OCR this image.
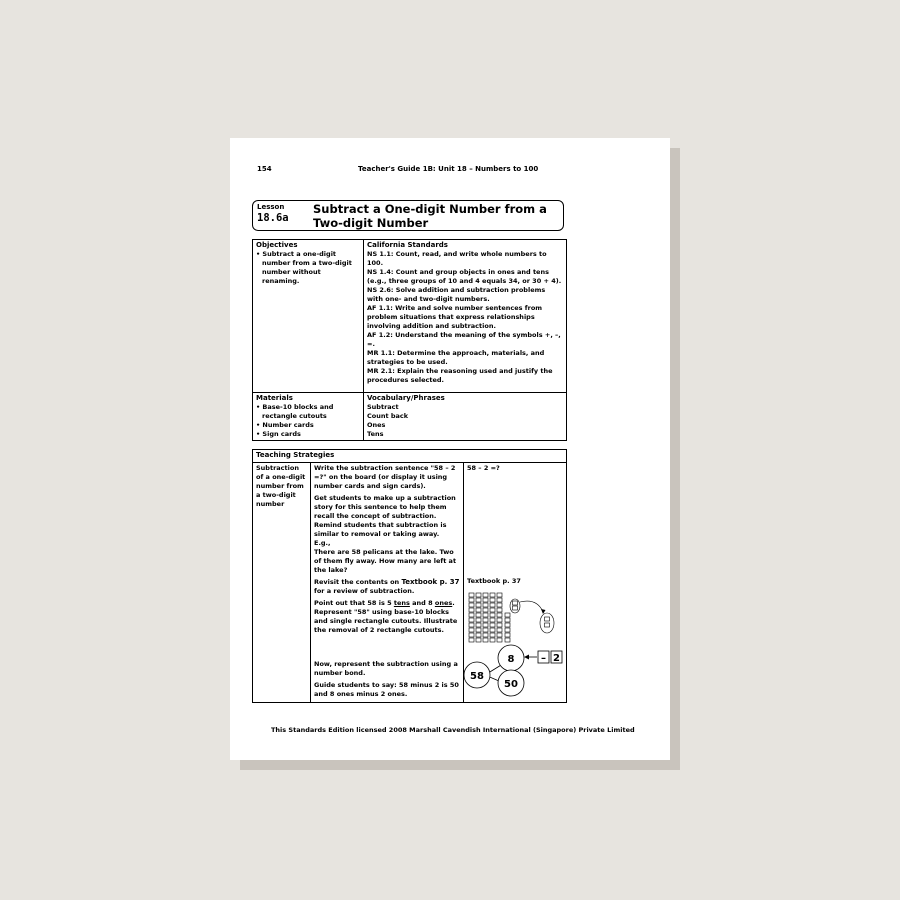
154	Teacher's Guide 1B: Unit 18 – Numbers to 100
Lesson
18.6a
Subtract a One-digit Number from a
Two-digit Number
Objectives
• Subtract a one-digit number from a two-digit number without renaming.
California Standards
NS 1.1: Count, read, and write whole numbers to 100.
NS 1.4: Count and group objects in ones and tens (e.g., three groups of 10 and 4 equals 34, or 30 + 4).
NS 2.6: Solve addition and subtraction problems with one- and two-digit numbers.
AF 1.1: Write and solve number sentences from problem situations that express relationships involving addition and subtraction.
AF 1.2: Understand the meaning of the symbols +, –, =.
MR 1.1: Determine the approach, materials, and strategies to be used.
MR 2.1: Explain the reasoning used and justify the procedures selected.
Materials
• Base-10 blocks and rectangle cutouts
• Number cards
• Sign cards
Vocabulary/Phrases
Subtract
Count back
Ones
Tens
Teaching Strategies
Subtraction of a one-digit number from a two-digit number

Write the subtraction sentence "58 – 2 =?" on the board (or display it using number cards and sign cards).

Get students to make up a subtraction story for this sentence to help them recall the concept of subtraction. Remind students that subtraction is similar to removal or taking away.

E.g.,

There are 58 pelicans at the lake. Two of them fly away. How many are left at the lake?

Revisit the contents on Textbook p. 37 for a review of subtraction.

Point out that 58 is 5 tens and 8 ones.

Represent "58" using base-10 blocks and single rectangle cutouts. Illustrate the removal of 2 rectangle cutouts.

Now, represent the subtraction using a number bond.

Guide students to say: 58 minus 2 is 50 and 8 ones minus 2 ones.

58 – 2 =?
Textbook p. 37
58
8
50
– 2
This Standards Edition licensed 2008 Marshall Cavendish International (Singapore) Private Limited
